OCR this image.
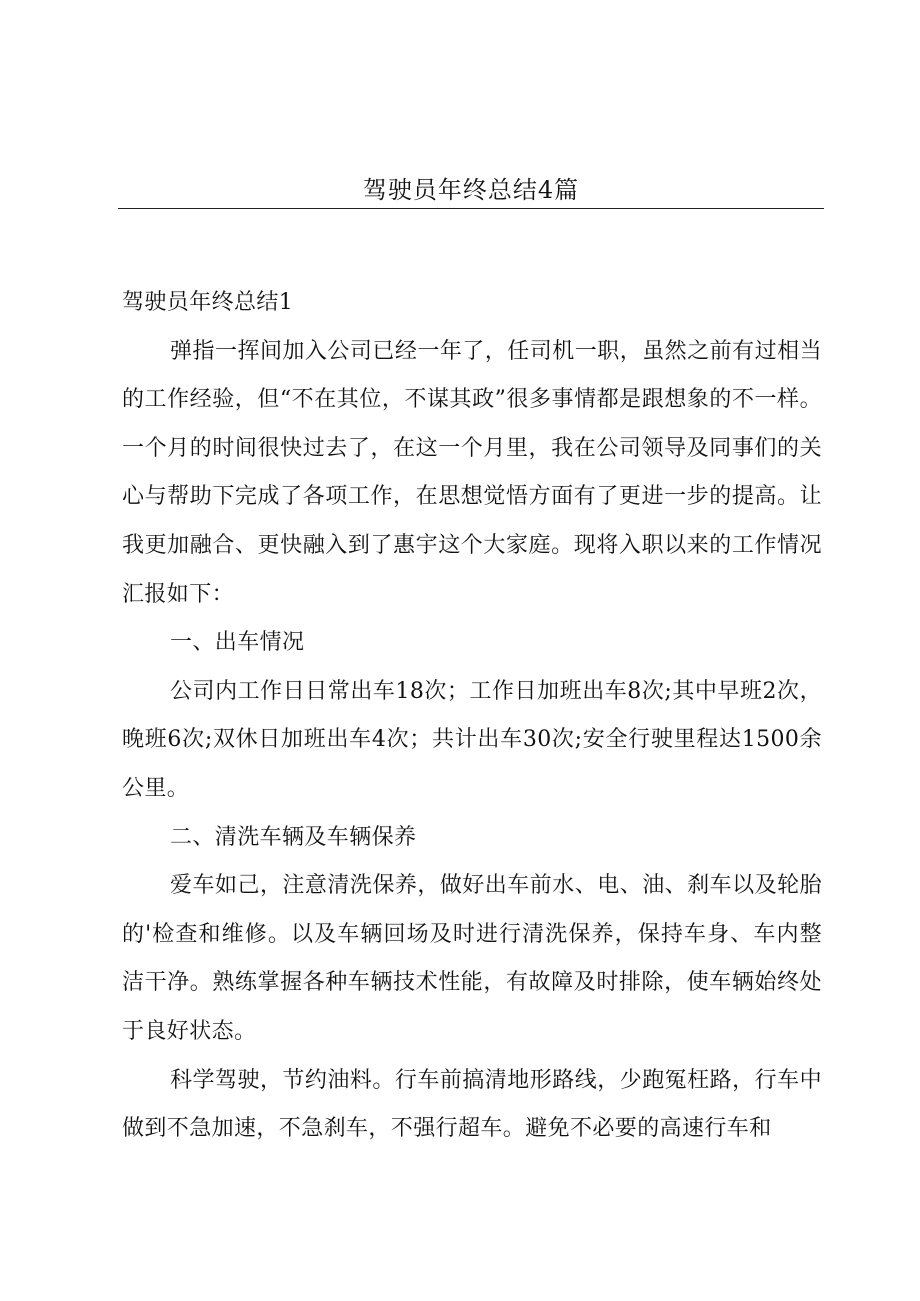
驾驶员年终总结4篇

驾驶员年终总结1

弹指一挥间加入公司已经一年了，任司机一职，虽然之前有过相当的工作经验，但“不在其位，不谋其政”很多事情都是跟想象的不一样。一个月的时间很快过去了，在这一个月里，我在公司领导及同事们的关心与帮助下完成了各项工作，在思想觉悟方面有了更进一步的提高。让我更加融合、更快融入到了惠宇这个大家庭。现将入职以来的工作情况汇报如下：

一、出车情况

公司内工作日日常出车18次；工作日加班出车8次;其中早班2次，晚班6次;双休日加班出车4次；共计出车30次;安全行驶里程达1500余公里。

二、清洗车辆及车辆保养

爱车如己，注意清洗保养，做好出车前水、电、油、刹车以及轮胎的'检查和维修。以及车辆回场及时进行清洗保养，保持车身、车内整洁干净。熟练掌握各种车辆技术性能，有故障及时排除，使车辆始终处于良好状态。

科学驾驶，节约油料。行车前搞清地形路线，少跑冤枉路，行车中做到不急加速，不急刹车，不强行超车。避免不必要的高速行车和
